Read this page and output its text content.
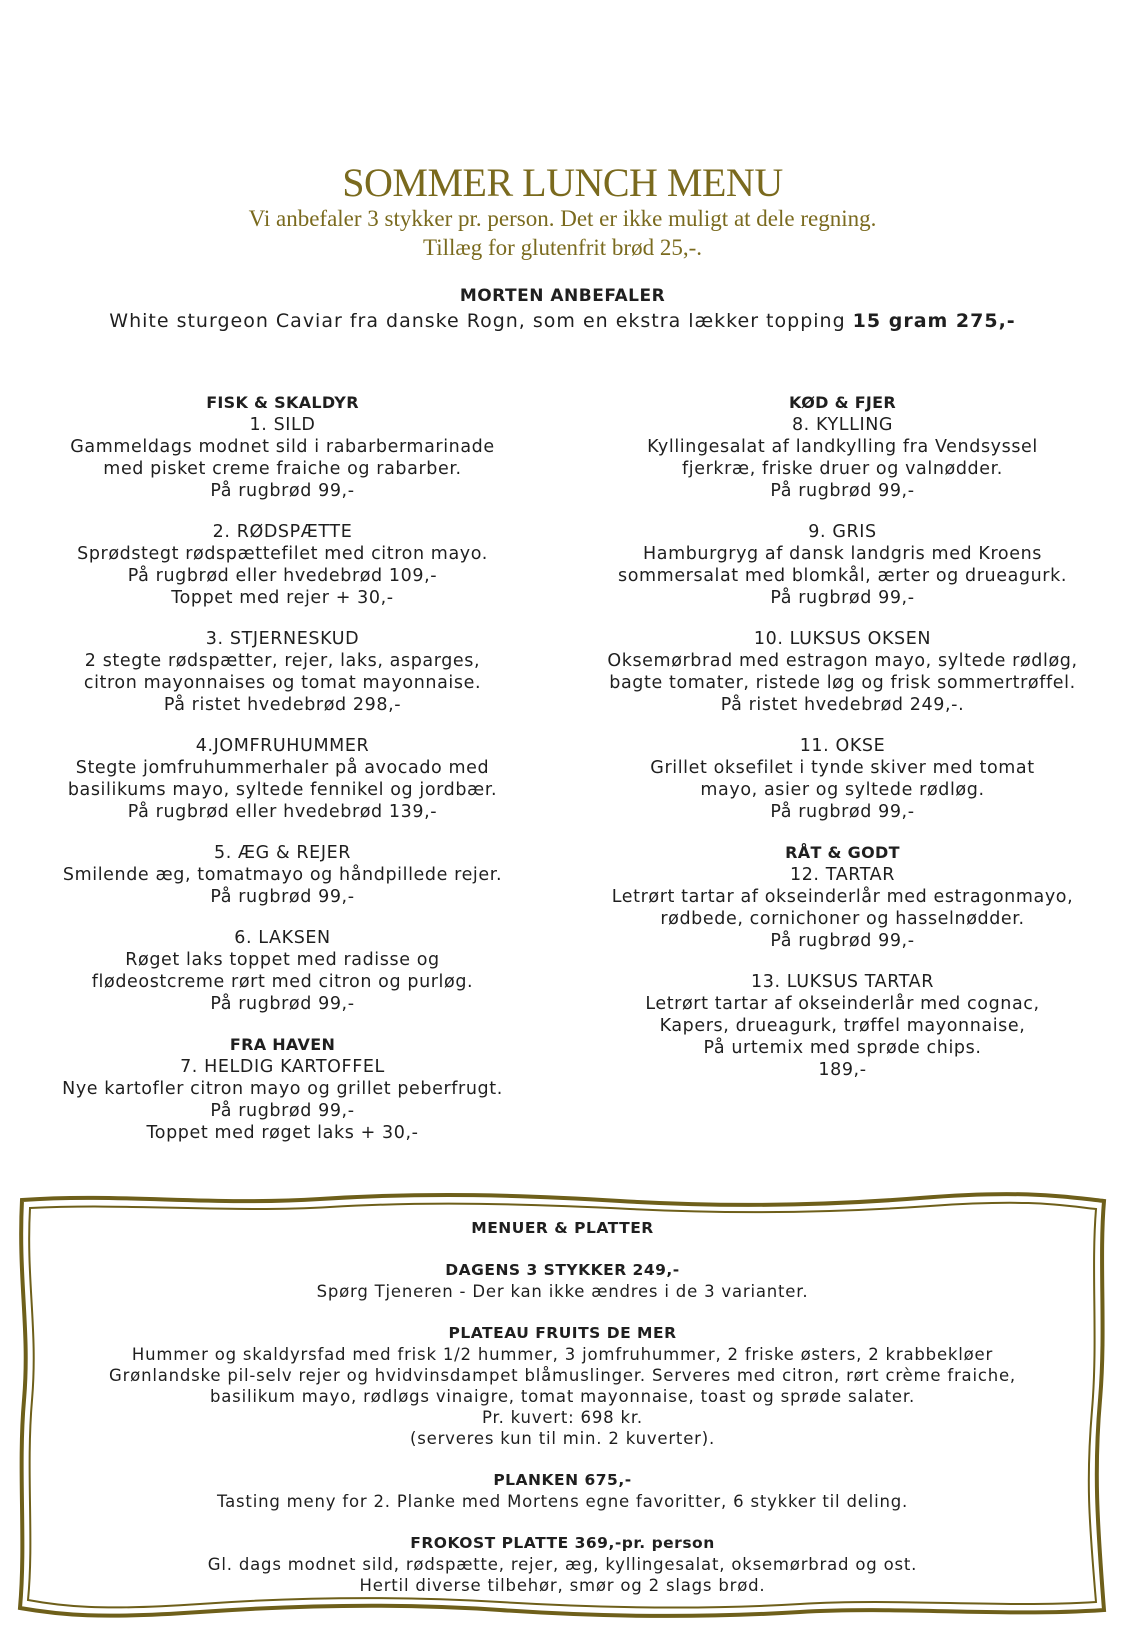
SOMMER LUNCH MENU

Vi anbefaler 3 stykker pr. person. Det er ikke muligt at dele regning.

Tillæg for glutenfrit brød 25,-.

MORTEN ANBEFALER
White sturgeon Caviar fra danske Rogn, som en ekstra lækker topping 15 gram 275,-
FISK & SKALDYR
1. SILD
Gammeldags modnet sild i rabarbermarinade
med pisket creme fraiche og rabarber.
På rugbrød 99,-
2. RØDSPÆTTE
Sprødstegt rødspættefilet med citron mayo.
På rugbrød eller hvedebrød 109,-
Toppet med rejer + 30,-
3. STJERNESKUD
2 stegte rødspætter, rejer, laks, asparges,
citron mayonnaises og tomat mayonnaise.
På ristet hvedebrød 298,-
4.JOMFRUHUMMER
Stegte jomfruhummerhaler på avocado med
basilikums mayo, syltede fennikel og jordbær.
På rugbrød eller hvedebrød 139,-
5. ÆG & REJER
Smilende æg, tomatmayo og håndpillede rejer.
På rugbrød 99,-
6. LAKSEN
Røget laks toppet med radisse og
flødeostcreme rørt med citron og purløg.
På rugbrød 99,-
FRA HAVEN
7. HELDIG KARTOFFEL
Nye kartofler citron mayo og grillet peberfrugt.
På rugbrød 99,-
Toppet med røget laks + 30,-
KØD & FJER
8. KYLLING
Kyllingesalat af landkylling fra Vendsyssel
fjerkræ, friske druer og valnødder.
På rugbrød 99,-
9. GRIS
Hamburgryg af dansk landgris med Kroens
sommersalat med blomkål, ærter og drueagurk.
På rugbrød 99,-
10. LUKSUS OKSEN
Oksemørbrad med estragon mayo, syltede rødløg,
bagte tomater, ristede løg og frisk sommertrøffel.
På ristet hvedebrød 249,-.
11. OKSE
Grillet oksefilet i tynde skiver med tomat
mayo, asier og syltede rødløg.
På rugbrød 99,-
RÅT & GODT
12. TARTAR
Letrørt tartar af okseinderlår med estragonmayo,
rødbede, cornichoner og hasselnødder.
På rugbrød 99,-
13. LUKSUS TARTAR
Letrørt tartar af okseinderlår med cognac,
Kapers, drueagurk, trøffel mayonnaise,
På urtemix med sprøde chips.
189,-
MENUER & PLATTER
DAGENS 3 STYKKER 249,-
Spørg Tjeneren - Der kan ikke ændres i de 3 varianter.
PLATEAU FRUITS DE MER
Hummer og skaldyrsfad med frisk 1/2 hummer, 3 jomfruhummer, 2 friske østers, 2 krabbekløer
Grønlandske pil-selv rejer og hvidvinsdampet blåmuslinger. Serveres med citron, rørt crème fraiche,
basilikum mayo, rødløgs vinaigre, tomat mayonnaise, toast og sprøde salater.
Pr. kuvert: 698 kr.
(serveres kun til min. 2 kuverter).
PLANKEN 675,-
Tasting meny for 2. Planke med Mortens egne favoritter, 6 stykker til deling.
FROKOST PLATTE 369,-pr. person
Gl. dags modnet sild, rødspætte, rejer, æg, kyllingesalat, oksemørbrad og ost.
Hertil diverse tilbehør, smør og 2 slags brød.
